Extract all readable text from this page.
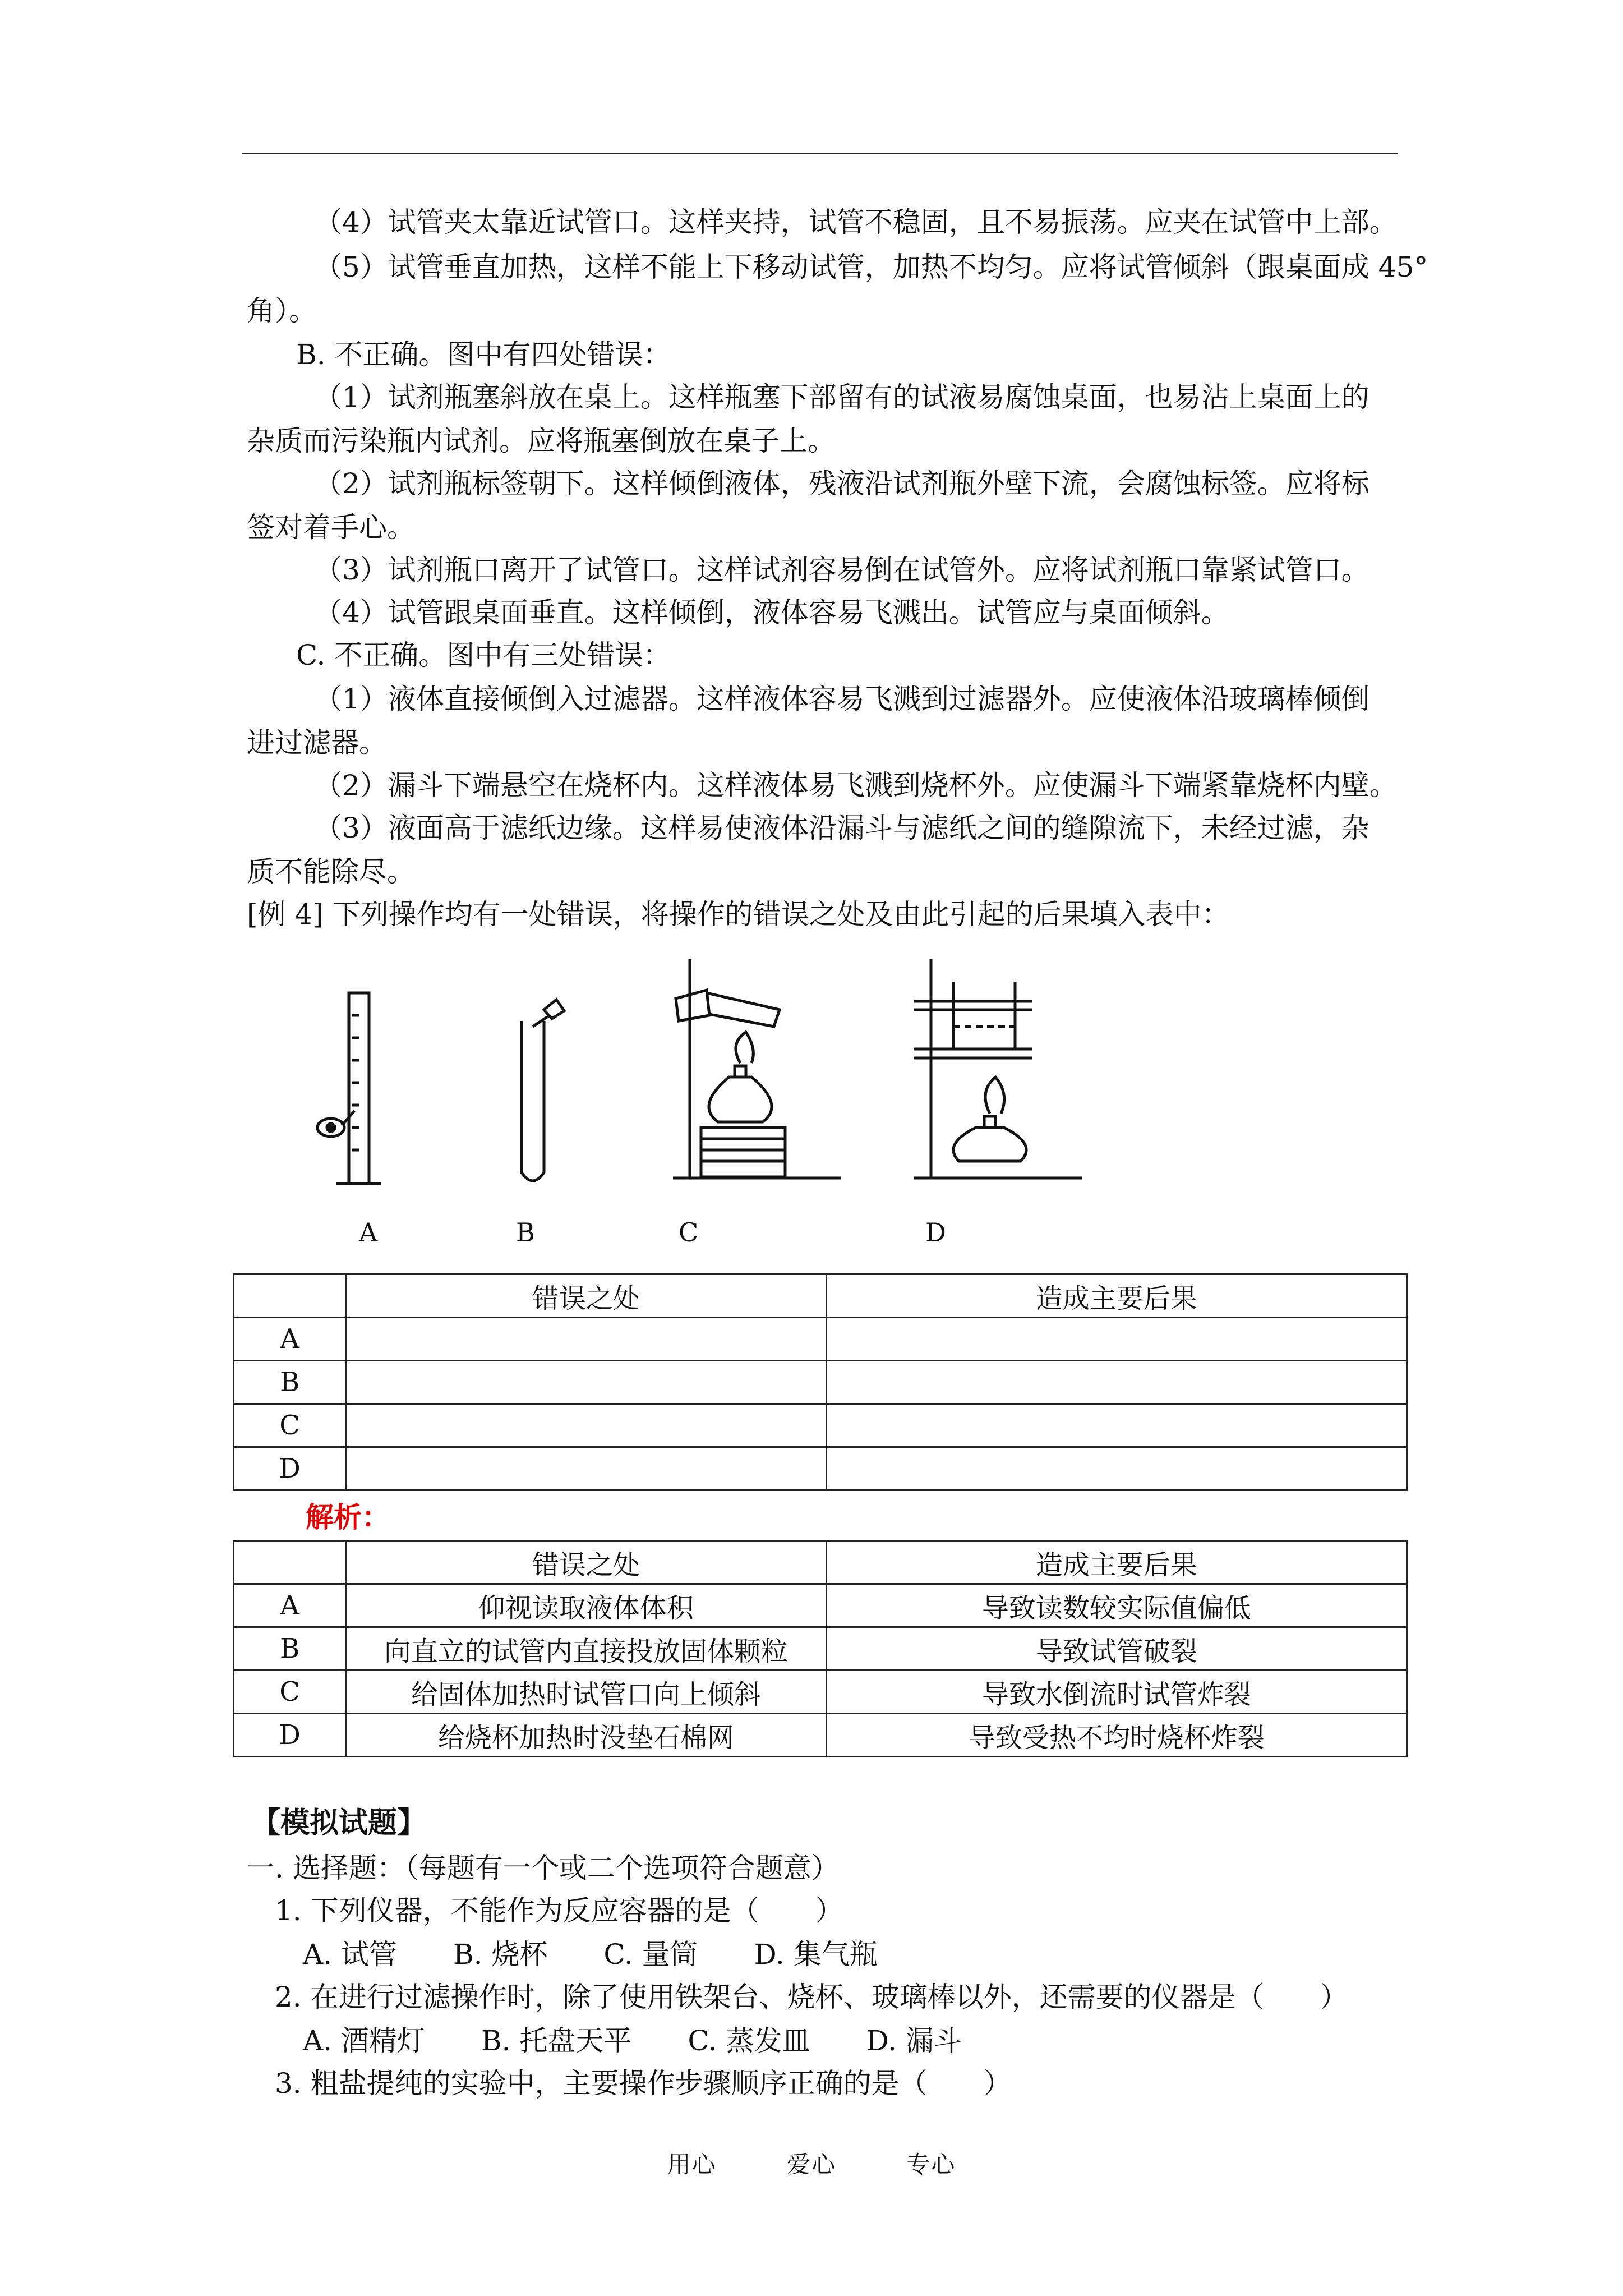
（4）试管夹太靠近试管口。这样夹持，试管不稳固，且不易振荡。应夹在试管中上部。
（5）试管垂直加热，这样不能上下移动试管，加热不均匀。应将试管倾斜（跟桌面成 45°
角）。
B. 不正确。图中有四处错误：
（1）试剂瓶塞斜放在桌上。这样瓶塞下部留有的试液易腐蚀桌面，也易沾上桌面上的
杂质而污染瓶内试剂。应将瓶塞倒放在桌子上。
（2）试剂瓶标签朝下。这样倾倒液体，残液沿试剂瓶外壁下流，会腐蚀标签。应将标
签对着手心。
（3）试剂瓶口离开了试管口。这样试剂容易倒在试管外。应将试剂瓶口靠紧试管口。
（4）试管跟桌面垂直。这样倾倒，液体容易飞溅出。试管应与桌面倾斜。
C. 不正确。图中有三处错误：
（1）液体直接倾倒入过滤器。这样液体容易飞溅到过滤器外。应使液体沿玻璃棒倾倒
进过滤器。
（2）漏斗下端悬空在烧杯内。这样液体易飞溅到烧杯外。应使漏斗下端紧靠烧杯内壁。
（3）液面高于滤纸边缘。这样易使液体沿漏斗与滤纸之间的缝隙流下，未经过滤，杂
质不能除尽。
[例 4] 下列操作均有一处错误，将操作的错误之处及由此引起的后果填入表中：
A	B	C	D
	错误之处	造成主要后果
A		
B		
C		
D		
解析：
	错误之处	造成主要后果
A	仰视读取液体体积	导致读数较实际值偏低
B	向直立的试管内直接投放固体颗粒	导致试管破裂
C	给固体加热时试管口向上倾斜	导致水倒流时试管炸裂
D	给烧杯加热时没垫石棉网	导致受热不均时烧杯炸裂
【模拟试题】
一. 选择题：（每题有一个或二个选项符合题意）
1. 下列仪器，不能作为反应容器的是（　　）
A. 试管　　B. 烧杯　　C. 量筒　　D. 集气瓶
2. 在进行过滤操作时，除了使用铁架台、烧杯、玻璃棒以外，还需要的仪器是（　　）
A. 酒精灯　　B. 托盘天平　　C. 蒸发皿　　D. 漏斗
3. 粗盐提纯的实验中，主要操作步骤顺序正确的是（　　）
用心	爱心	专心
